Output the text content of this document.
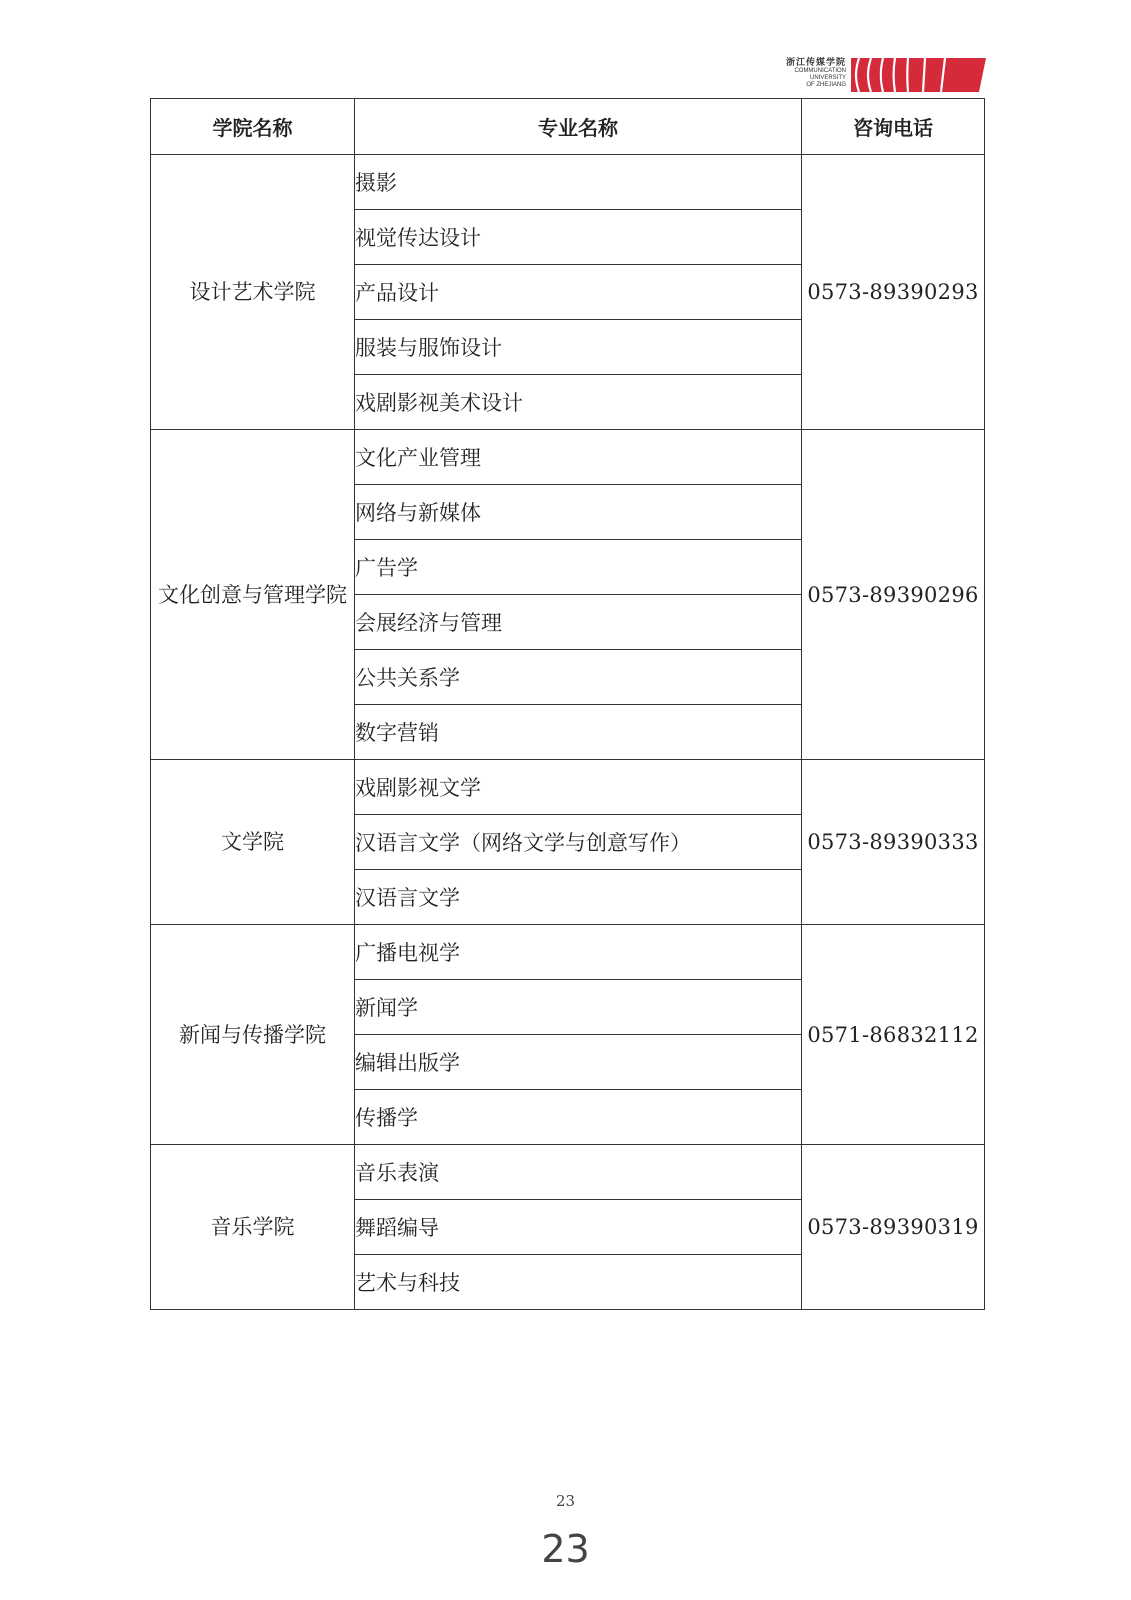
浙江传媒学院
COMMUNICATION
UNIVERSITY
OF ZHEJIANG
学院名称	专业名称	咨询电话
设计艺术学院	摄影	0573-89390293
	视觉传达设计	
	产品设计	
	服装与服饰设计	
	戏剧影视美术设计	
文化创意与管理学院	文化产业管理	0573-89390296
	网络与新媒体	
	广告学	
	会展经济与管理	
	公共关系学	
	数字营销	
文学院	戏剧影视文学	0573-89390333
	汉语言文学（网络文学与创意写作）	
	汉语言文学	
新闻与传播学院	广播电视学	0571-86832112
	新闻学	
	编辑出版学	
	传播学	
音乐学院	音乐表演	0573-89390319
	舞蹈编导	
	艺术与科技	
23
23
